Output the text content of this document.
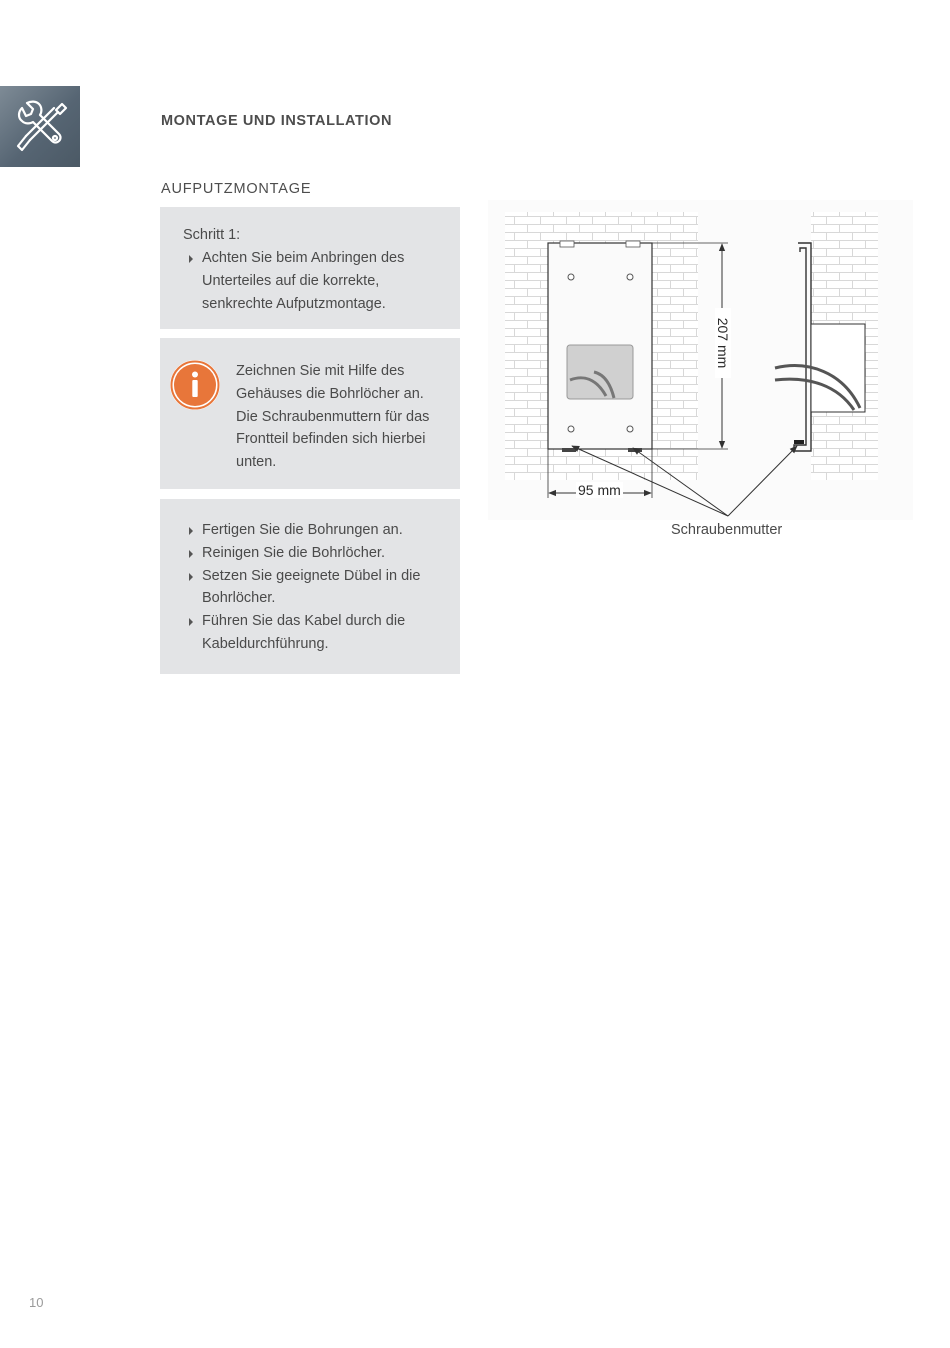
MONTAGE UND INSTALLATION
AUFPUTZMONTAGE
Schritt 1:
Achten Sie beim Anbringen des Unterteiles auf die korrekte, senkrechte Aufputzmontage.
Zeichnen Sie mit Hilfe des Gehäuses die Bohrlöcher an. Die Schraubenmuttern für das Frontteil befinden sich hierbei unten.
Fertigen Sie die Bohrungen an.
Reinigen Sie die Bohrlöcher.
Setzen Sie geeignete Dübel in die Bohrlöcher.
Führen Sie das Kabel durch die Kabeldurchführung.
95 mm
207 mm
Schraubenmutter
10
